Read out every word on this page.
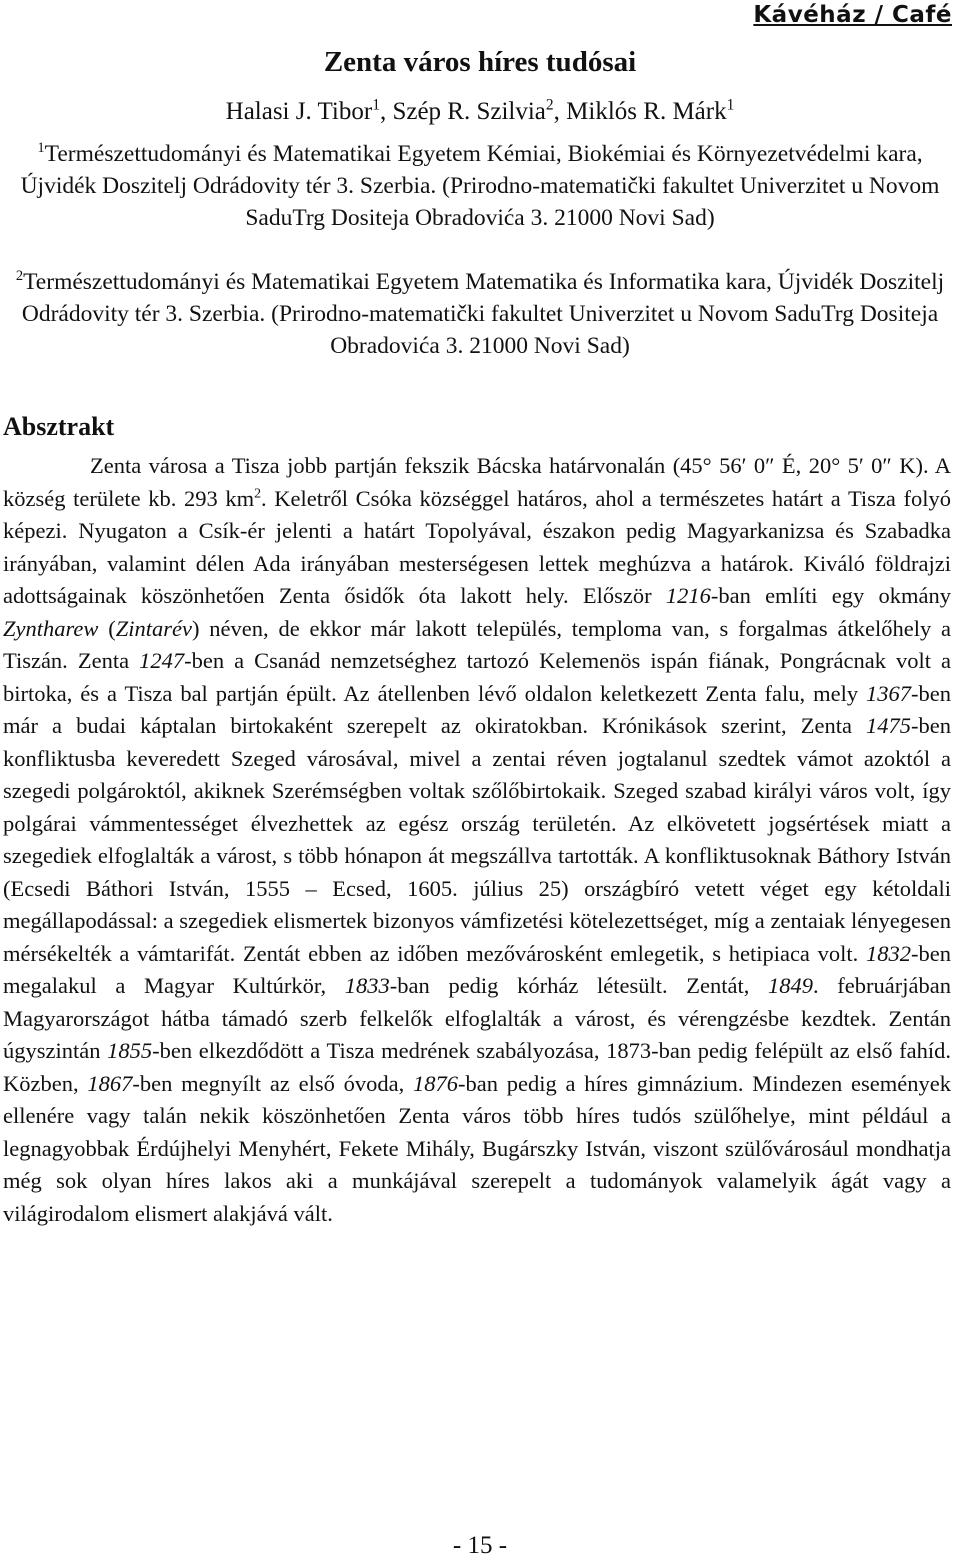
Kávéház / Café
Zenta város híres tudósai
Halasi J. Tibor$^1$, Szép R. Szilvia$^2$, Miklós R. Márk$^1$
$^1$Természettudományi és Matematikai Egyetem Kémiai, Biokémiai és Környezetvédelmi kara, Újvidék Doszitelj Odrádovity tér 3. Szerbia. (Prirodno-matematički fakultet Univerzitet u Novom SaduTrg Dositeja Obradovića 3. 21000 Novi Sad)
$^2$Természettudományi és Matematikai Egyetem Matematika és Informatika kara, Újvidék Doszitelj Odrádovity tér 3. Szerbia. (Prirodno-matematički fakultet Univerzitet u Novom SaduTrg Dositeja Obradovića 3. 21000 Novi Sad)
Absztrakt

Zenta városa a Tisza jobb partján fekszik Bácska határvonalán (45° 56′ 0″ É, 20° 5′ 0″ K). A község területe kb. 293 $km^2$. Keletről Csóka községgel határos, ahol a természetes határt a Tisza folyó képezi. Nyugaton a Csík-ér jelenti a határt Topolyával, északon pedig Magyarkanizsa és Szabadka irányában, valamint délen Ada irányában mesterségesen lettek meghúzva a határok. Kiváló földrajzi adottságainak köszönhetően Zenta ősidők óta lakott hely. Először 1216-ban említi egy okmány Zyntharew (Zintarév) néven, de ekkor már lakott település, temploma van, s forgalmas átkelőhely a Tiszán. Zenta 1247-ben a Csanád nemzetséghez tartozó Kelemenös ispán fiának, Pongrácnak volt a birtoka, és a Tisza bal partján épült. Az átellenben lévő oldalon keletkezett Zenta falu, mely 1367-ben már a budai káptalan birtokaként szerepelt az okiratokban. Krónikások szerint, Zenta 1475-ben konfliktusba keveredett Szeged városával, mivel a zentai réven jogtalanul szedtek vámot azoktól a szegedi polgároktól, akiknek Szerémségben voltak szőlőbirtokaik. Szeged szabad királyi város volt, így polgárai vámmentességet élvezhettek az egész ország területén. Az elkövetett jogsértések miatt a szegediek elfoglalták a várost, s több hónapon át megszállva tartották. A konfliktusoknak Báthory István (Ecsedi Báthori István, 1555 – Ecsed, 1605. július 25) országbíró vetett véget egy kétoldali megállapodással: a szegediek elismertek bizonyos vámfizetési kötelezettséget, míg a zentaiak lényegesen mérsékelték a vámtarifát. Zentát ebben az időben mezővárosként emlegetik, s hetipiaca volt. 1832-ben megalakul a Magyar Kultúrkör, 1833-ban pedig kórház létesült. Zentát, 1849. februárjában Magyarországot hátba támadó szerb felkelők elfoglalták a várost, és vérengzésbe kezdtek. Zentán úgyszintán 1855-ben elkezdődött a Tisza medrének szabályozása, 1873-ban pedig felépült az első fahíd. Közben, 1867-ben megnyílt az első óvoda, 1876-ban pedig a híres gimnázium. Mindezen események ellenére vagy talán nekik köszönhetően Zenta város több híres tudós szülőhelye, mint például a legnagyobbak Érdújhelyi Menyhért, Fekete Mihály, Bugárszky István, viszont szülővárosául mondhatja még sok olyan híres lakos aki a munkájával szerepelt a tudományok valamelyik ágát vagy a világirodalom elismert alakjává vált.

- 15 -
